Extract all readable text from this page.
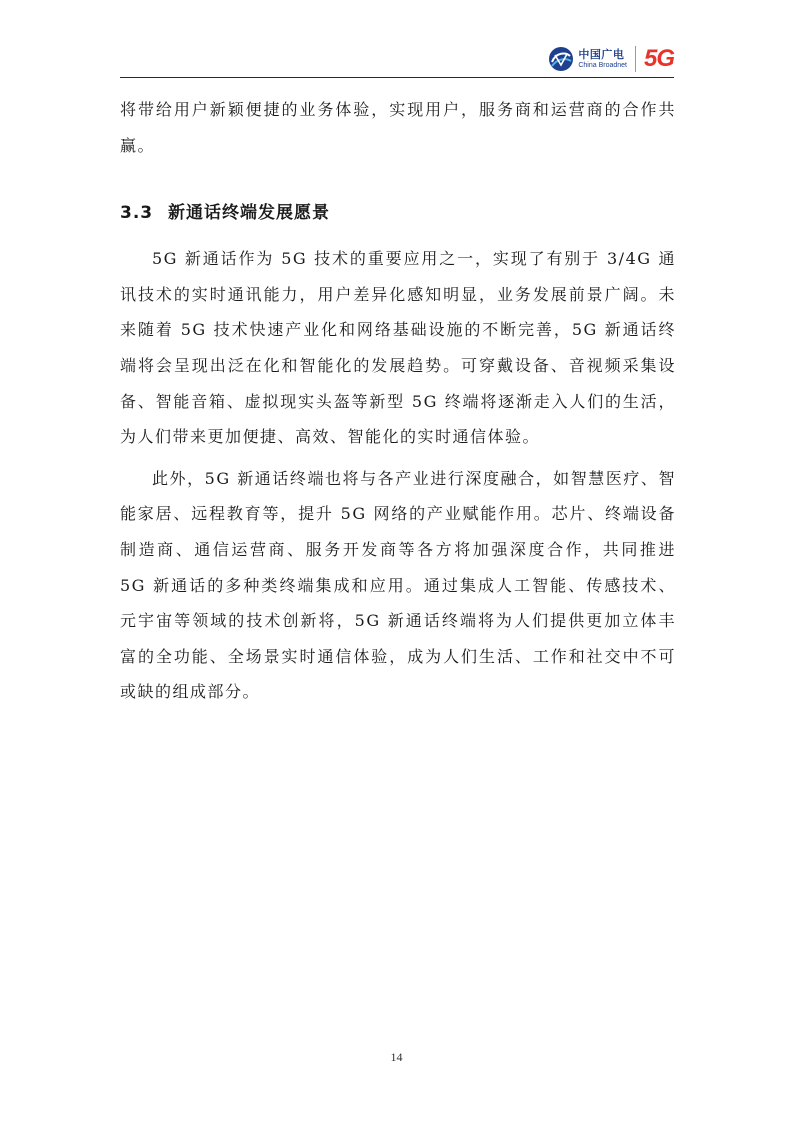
中国广电
China Broadnet 5G

将带给用户新颖便捷的业务体验，实现用户，服务商和运营商的合作共赢。

3.3 新通话终端发展愿景

5G 新通话作为 5G 技术的重要应用之一，实现了有别于 3/4G 通讯技术的实时通讯能力，用户差异化感知明显，业务发展前景广阔。未来随着 5G 技术快速产业化和网络基础设施的不断完善，5G 新通话终端将会呈现出泛在化和智能化的发展趋势。可穿戴设备、音视频采集设备、智能音箱、虚拟现实头盔等新型 5G 终端将逐渐走入人们的生活，为人们带来更加便捷、高效、智能化的实时通信体验。

此外，5G 新通话终端也将与各产业进行深度融合，如智慧医疗、智能家居、远程教育等，提升 5G 网络的产业赋能作用。芯片、终端设备制造商、通信运营商、服务开发商等各方将加强深度合作，共同推进 5G 新通话的多种类终端集成和应用。通过集成人工智能、传感技术、元宇宙等领域的技术创新将，5G 新通话终端将为人们提供更加立体丰富的全功能、全场景实时通信体验，成为人们生活、工作和社交中不可或缺的组成部分。

14
